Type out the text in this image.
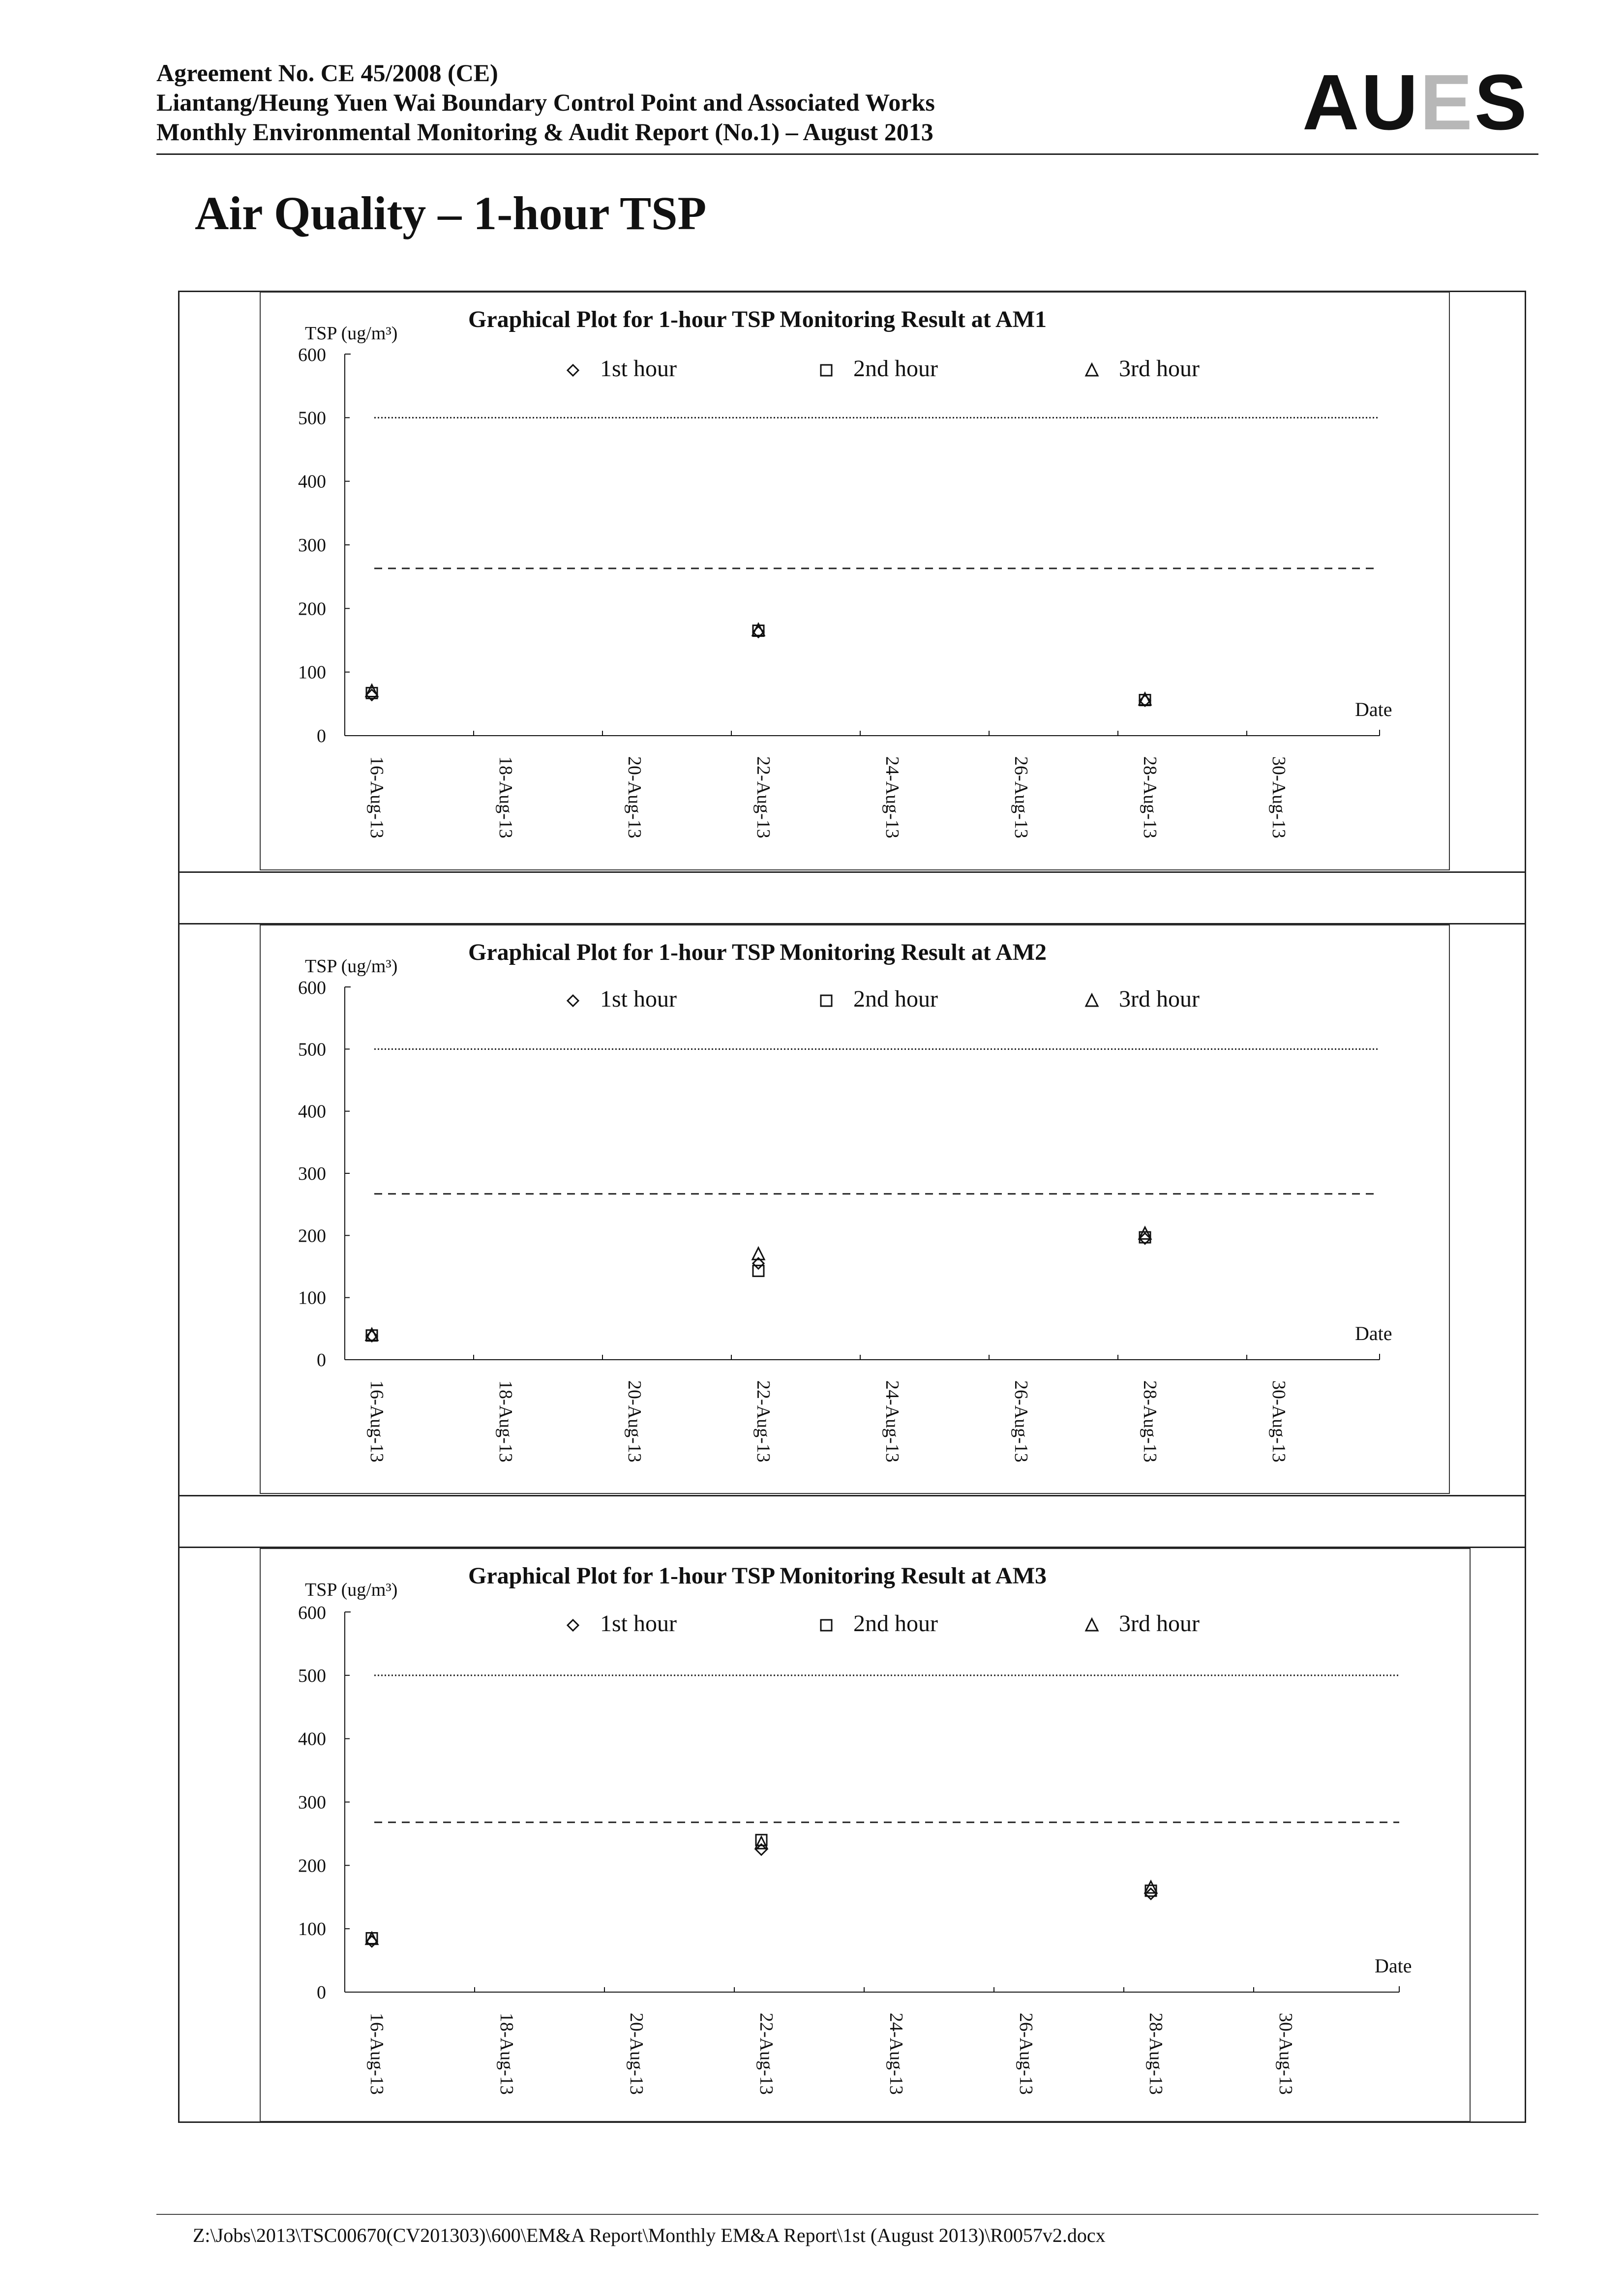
Agreement No. CE 45/2008 (CE)
Liantang/Heung Yuen Wai Boundary Control Point and Associated Works
Monthly Environmental Monitoring & Audit Report (No.1) – August 2013	AUES
Air Quality – 1-hour TSP
Graphical Plot for 1-hour TSP Monitoring Result at AM1
TSP (ug/m³)
0
100
200
300
400
500
600
16-Aug-13	18-Aug-13	20-Aug-13	22-Aug-13	24-Aug-13	26-Aug-13	28-Aug-13	30-Aug-13
Date
1st hour	2nd hour	3rd hour
Graphical Plot for 1-hour TSP Monitoring Result at AM2
TSP (ug/m³)
0
100
200
300
400
500
600
16-Aug-13	18-Aug-13	20-Aug-13	22-Aug-13	24-Aug-13	26-Aug-13	28-Aug-13	30-Aug-13
Date
1st hour	2nd hour	3rd hour
Graphical Plot for 1-hour TSP Monitoring Result at AM3
TSP (ug/m³)
0
100
200
300
400
500
600
16-Aug-13	18-Aug-13	20-Aug-13	22-Aug-13	24-Aug-13	26-Aug-13	28-Aug-13	30-Aug-13
Date
1st hour	2nd hour	3rd hour
Z:\Jobs\2013\TSC00670(CV201303)\600\EM&A Report\Monthly EM&A Report\1st (August 2013)\R0057v2.docx
